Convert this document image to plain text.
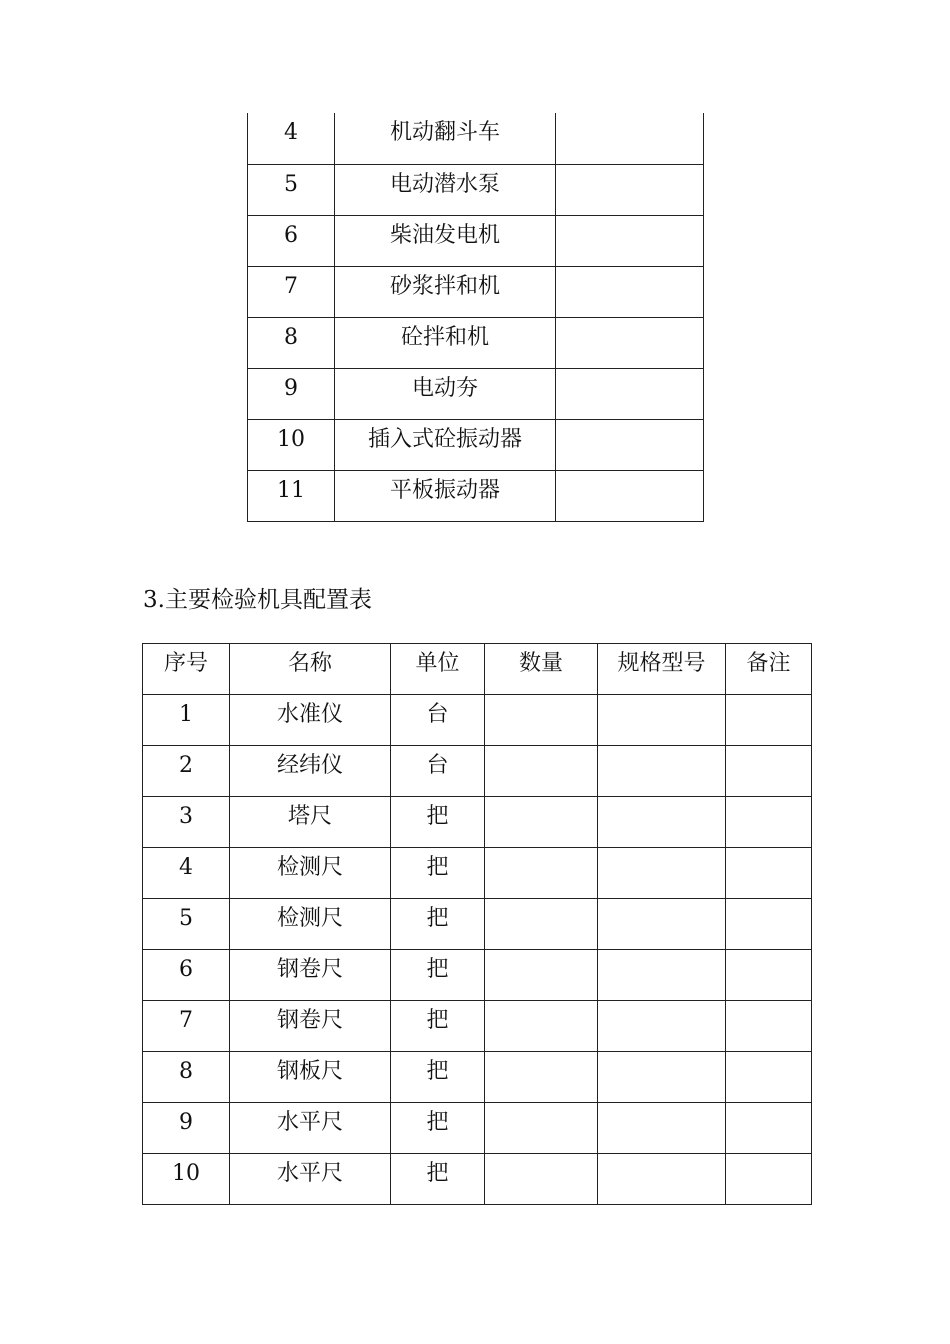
4	机动翻斗车	
5	电动潜水泵	
6	柴油发电机	
7	砂浆拌和机	
8	砼拌和机	
9	电动夯	
10	插入式砼振动器	
11	平板振动器	
3.主要检验机具配置表
序号	名称	单位	数量	规格型号	备注
1	水准仪	台			
2	经纬仪	台			
3	塔尺	把			
4	检测尺	把			
5	检测尺	把			
6	钢卷尺	把			
7	钢卷尺	把			
8	钢板尺	把			
9	水平尺	把			
10	水平尺	把			
